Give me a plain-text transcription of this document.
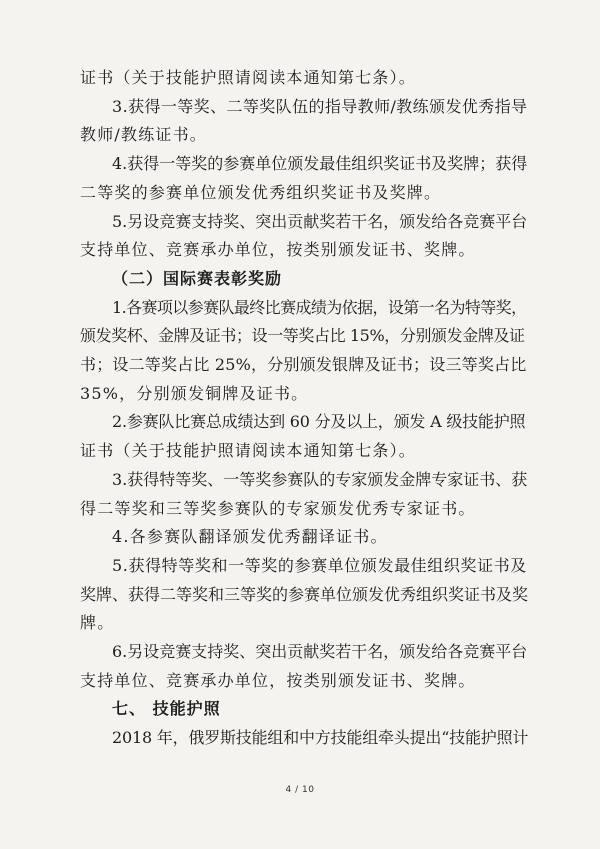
证书（关于技能护照请阅读本通知第七条）。
3.获得一等奖、二等奖队伍的指导教师/教练颁发优秀指导
教师/教练证书。
4.获得一等奖的参赛单位颁发最佳组织奖证书及奖牌；获得
二等奖的参赛单位颁发优秀组织奖证书及奖牌。
5.另设竞赛支持奖、突出贡献奖若干名，颁发给各竞赛平台
支持单位、竞赛承办单位，按类别颁发证书、奖牌。
（二）国际赛表彰奖励
1.各赛项以参赛队最终比赛成绩为依据，设第一名为特等奖，
颁发奖杯、金牌及证书；设一等奖占比 15%，分别颁发金牌及证
书；设二等奖占比 25%，分别颁发银牌及证书；设三等奖占比
35%，分别颁发铜牌及证书。
2.参赛队比赛总成绩达到 60 分及以上，颁发 A 级技能护照
证书（关于技能护照请阅读本通知第七条）。
3.获得特等奖、一等奖参赛队的专家颁发金牌专家证书、获
得二等奖和三等奖参赛队的专家颁发优秀专家证书。
4.各参赛队翻译颁发优秀翻译证书。
5.获得特等奖和一等奖的参赛单位颁发最佳组织奖证书及
奖牌、获得二等奖和三等奖的参赛单位颁发优秀组织奖证书及奖
牌。
6.另设竞赛支持奖、突出贡献奖若干名，颁发给各竞赛平台
支持单位、竞赛承办单位，按类别颁发证书、奖牌。
七、 技能护照
2018 年，俄罗斯技能组和中方技能组牵头提出“技能护照计
4 / 10
